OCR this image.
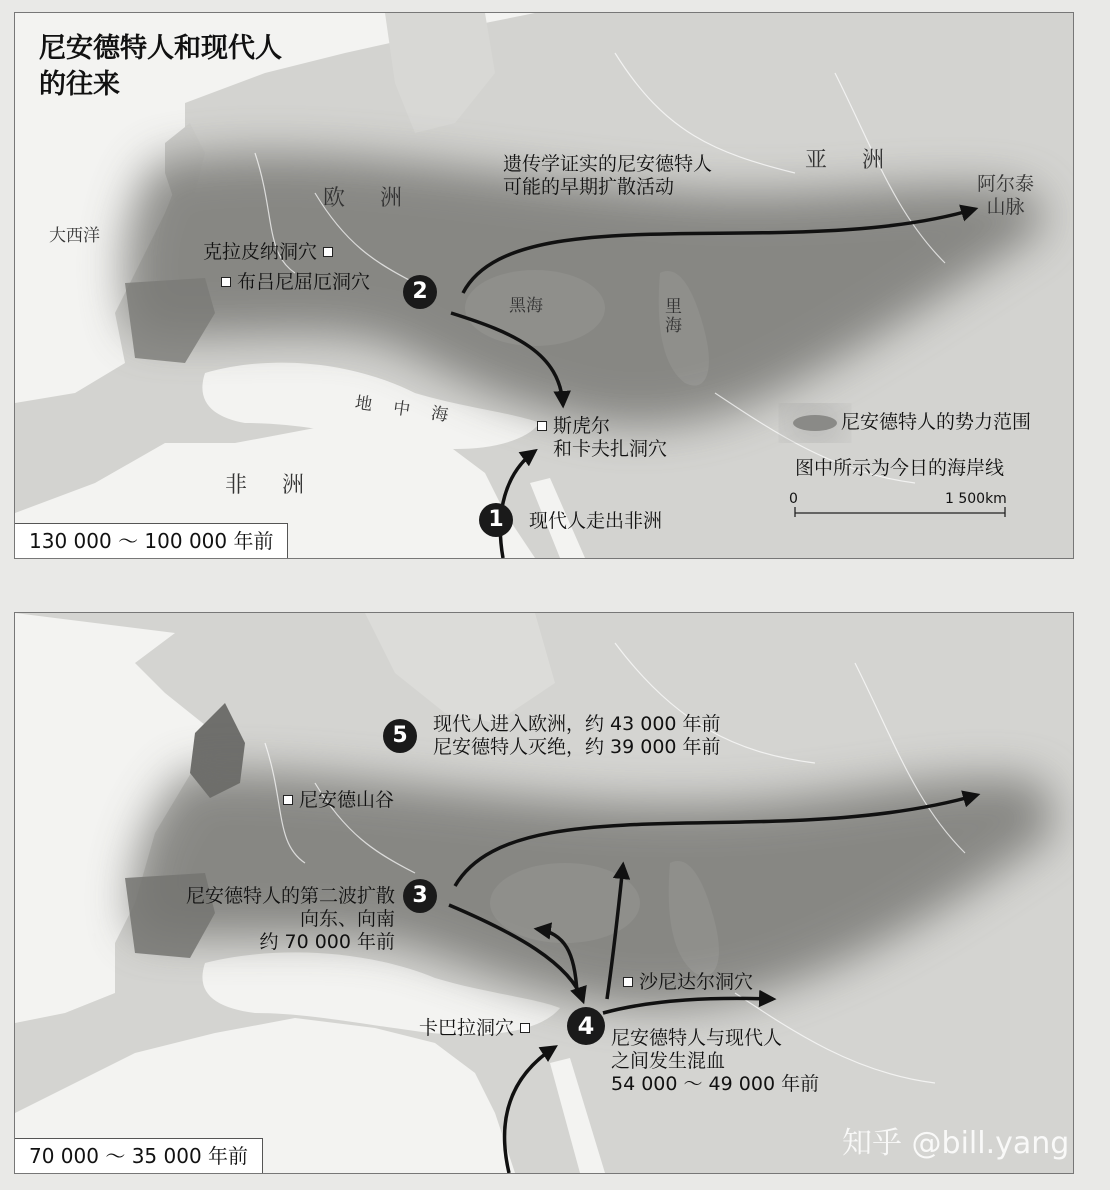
尼安德特人和现代人
的往来
欧 洲
亚 洲
非 洲
大西洋
黑海	里海
地 中 海
阿尔泰
山脉
遗传学证实的尼安德特人
可能的早期扩散活动
克拉皮纳洞穴
布吕尼屈厄洞穴	2
斯虎尔
和卡夫扎洞穴
1	现代人走出非洲
尼安德特人的势力范围
图中所示为今日的海岸线
0	1 500km
130 000 ～ 100 000 年前
尼安德山谷
5	现代人进入欧洲，约 43 000 年前
尼安德特人灭绝，约 39 000 年前
尼安德特人的第二波扩散
向东、向南
约 70 000 年前
3
沙尼达尔洞穴
卡巴拉洞穴	4 尼安德特人与现代人
之间发生混血
54 000 ～ 49 000 年前
70 000 ～ 35 000 年前	知乎 @bill.yang
